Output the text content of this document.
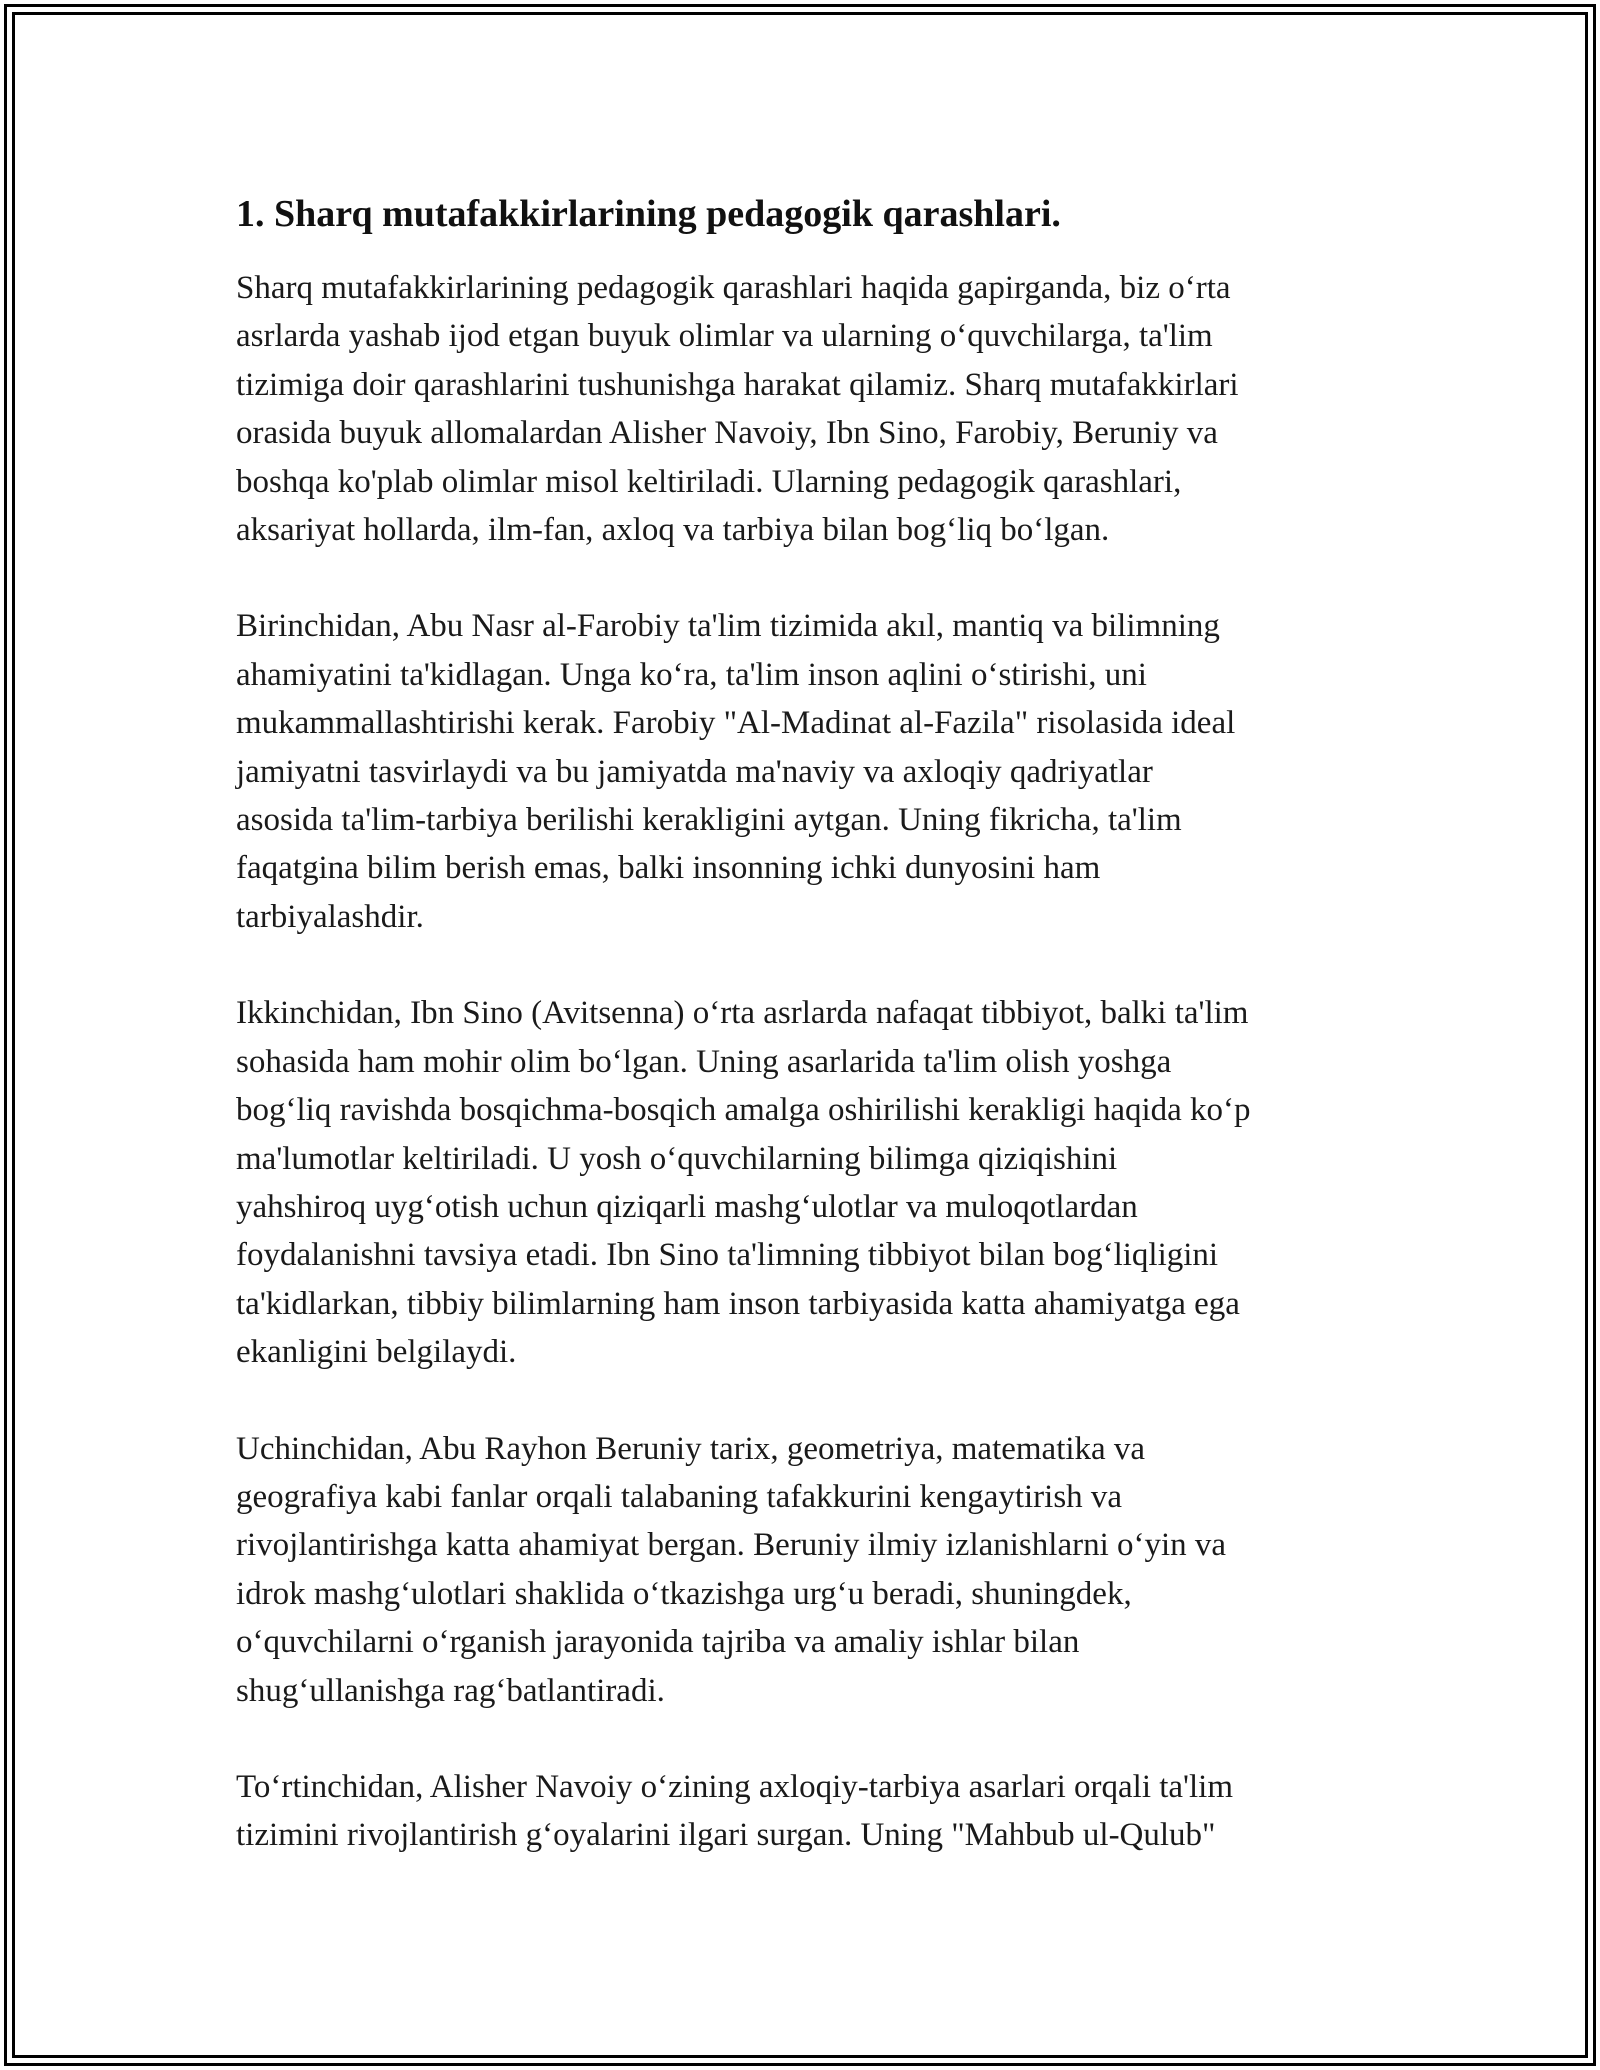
1. Sharq mutafakkirlarining pedagogik qarashlari.

Sharq mutafakkirlarining pedagogik qarashlari haqida gapirganda, biz o‘rta
asrlarda yashab ijod etgan buyuk olimlar va ularning o‘quvchilarga, ta'lim
tizimiga doir qarashlarini tushunishga harakat qilamiz. Sharq mutafakkirlari
orasida buyuk allomalardan Alisher Navoiy, Ibn Sino, Farobiy, Beruniy va
boshqa ko'plab olimlar misol keltiriladi. Ularning pedagogik qarashlari,
aksariyat hollarda, ilm-fan, axloq va tarbiya bilan bog‘liq bo‘lgan.

Birinchidan, Abu Nasr al-Farobiy ta'lim tizimida akıl, mantiq va bilimning
ahamiyatini ta'kidlagan. Unga ko‘ra, ta'lim inson aqlini o‘stirishi, uni
mukammallashtirishi kerak. Farobiy "Al-Madinat al-Fazila" risolasida ideal
jamiyatni tasvirlaydi va bu jamiyatda ma'naviy va axloqiy qadriyatlar
asosida ta'lim-tarbiya berilishi kerakligini aytgan. Uning fikricha, ta'lim
faqatgina bilim berish emas, balki insonning ichki dunyosini ham
tarbiyalashdir.

Ikkinchidan, Ibn Sino (Avitsenna) o‘rta asrlarda nafaqat tibbiyot, balki ta'lim
sohasida ham mohir olim bo‘lgan. Uning asarlarida ta'lim olish yoshga
bog‘liq ravishda bosqichma-bosqich amalga oshirilishi kerakligi haqida ko‘p
ma'lumotlar keltiriladi. U yosh o‘quvchilarning bilimga qiziqishini
yahshiroq uyg‘otish uchun qiziqarli mashg‘ulotlar va muloqotlardan
foydalanishni tavsiya etadi. Ibn Sino ta'limning tibbiyot bilan bog‘liqligini
ta'kidlarkan, tibbiy bilimlarning ham inson tarbiyasida katta ahamiyatga ega
ekanligini belgilaydi.

Uchinchidan, Abu Rayhon Beruniy tarix, geometriya, matematika va
geografiya kabi fanlar orqali talabaning tafakkurini kengaytirish va
rivojlantirishga katta ahamiyat bergan. Beruniy ilmiy izlanishlarni o‘yin va
idrok mashg‘ulotlari shaklida o‘tkazishga urg‘u beradi, shuningdek,
o‘quvchilarni o‘rganish jarayonida tajriba va amaliy ishlar bilan
shug‘ullanishga rag‘batlantiradi.

To‘rtinchidan, Alisher Navoiy o‘zining axloqiy-tarbiya asarlari orqali ta'lim
tizimini rivojlantirish g‘oyalarini ilgari surgan. Uning "Mahbub ul-Qulub"
